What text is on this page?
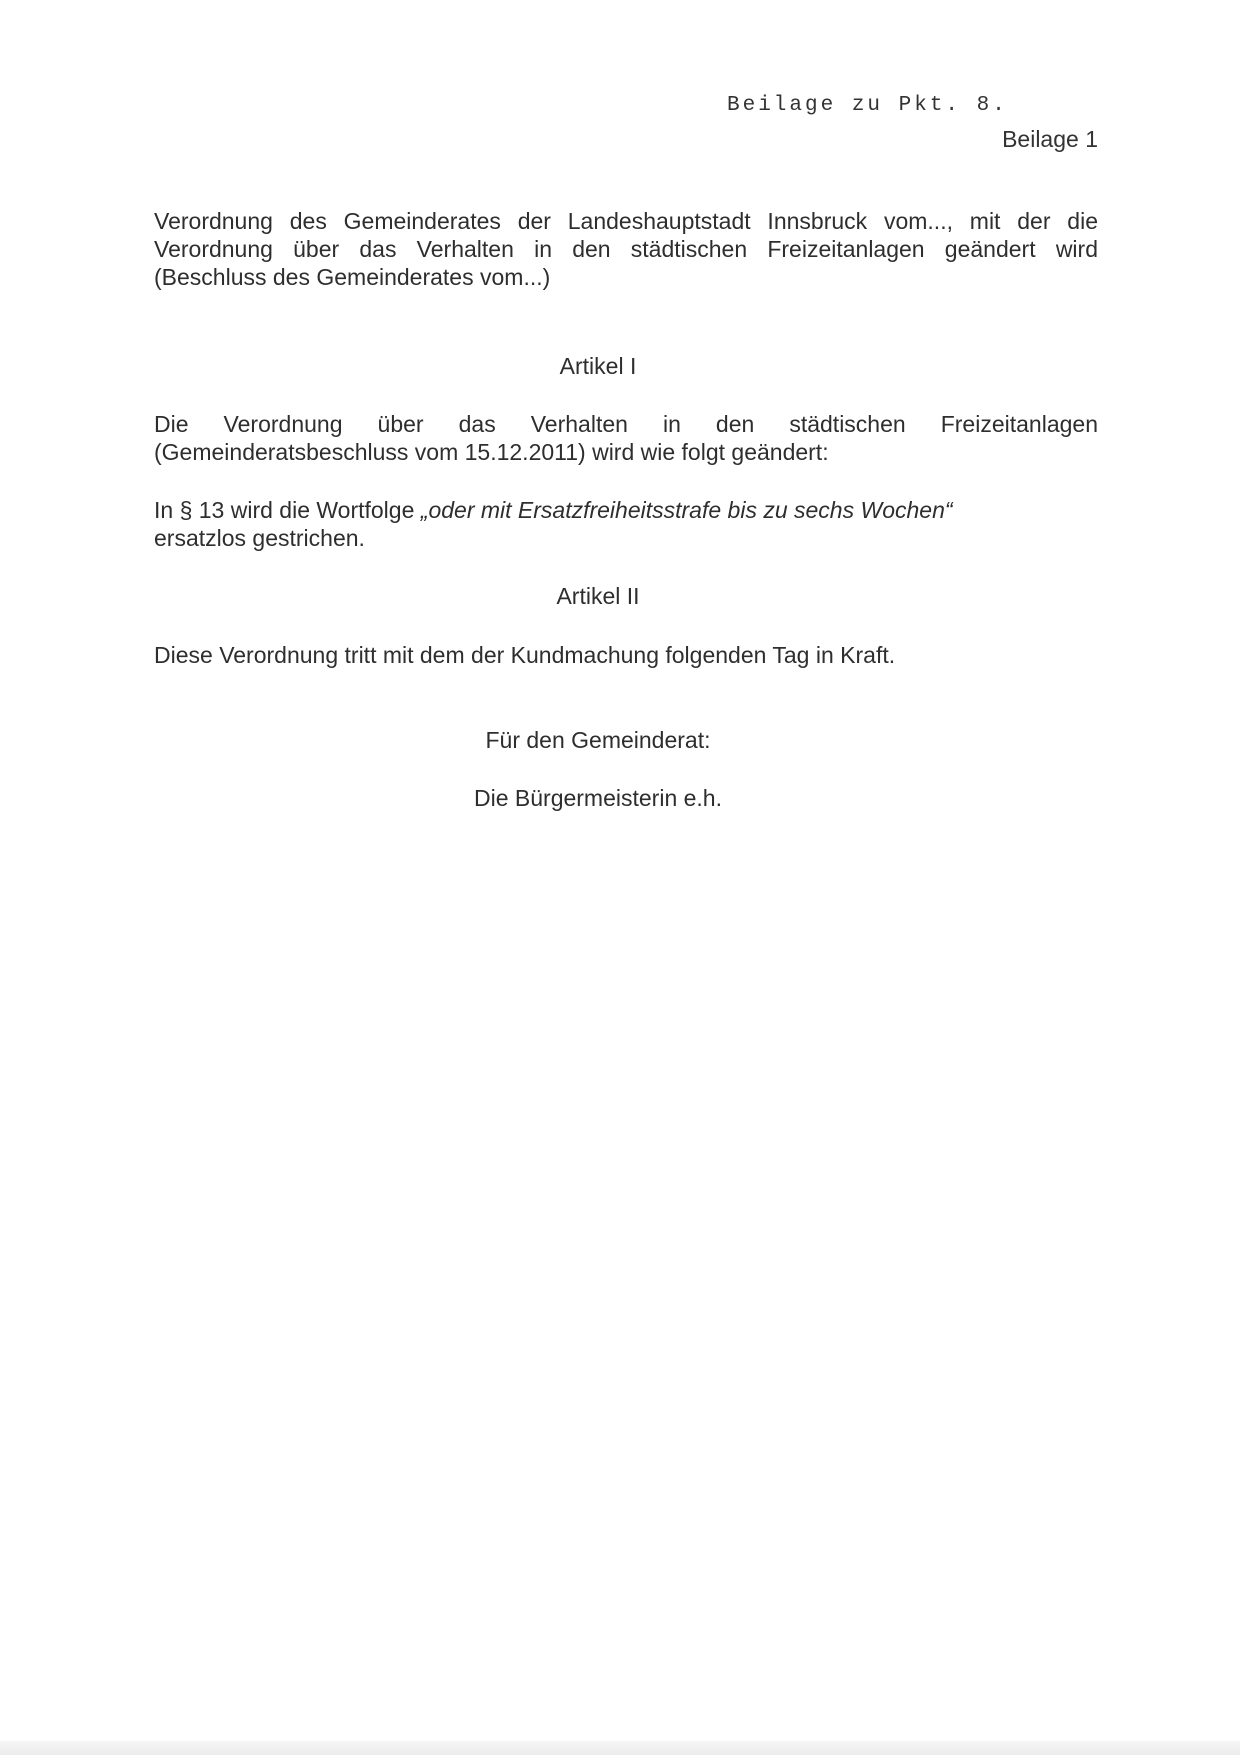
Beilage zu Pkt. 8.
Beilage 1
Verordnung des Gemeinderates der Landeshauptstadt Innsbruck vom..., mit der die
Verordnung über das Verhalten in den städtischen Freizeitanlagen geändert wird
(Beschluss des Gemeinderates vom...)
Artikel I
Die Verordnung über das Verhalten in den städtischen Freizeitanlagen
(Gemeinderatsbeschluss vom 15.12.2011) wird wie folgt geändert:
In § 13 wird die Wortfolge „oder mit Ersatzfreiheitsstrafe bis zu sechs Wochen“
ersatzlos gestrichen.
Artikel II
Diese Verordnung tritt mit dem der Kundmachung folgenden Tag in Kraft.
Für den Gemeinderat:
Die Bürgermeisterin e.h.
